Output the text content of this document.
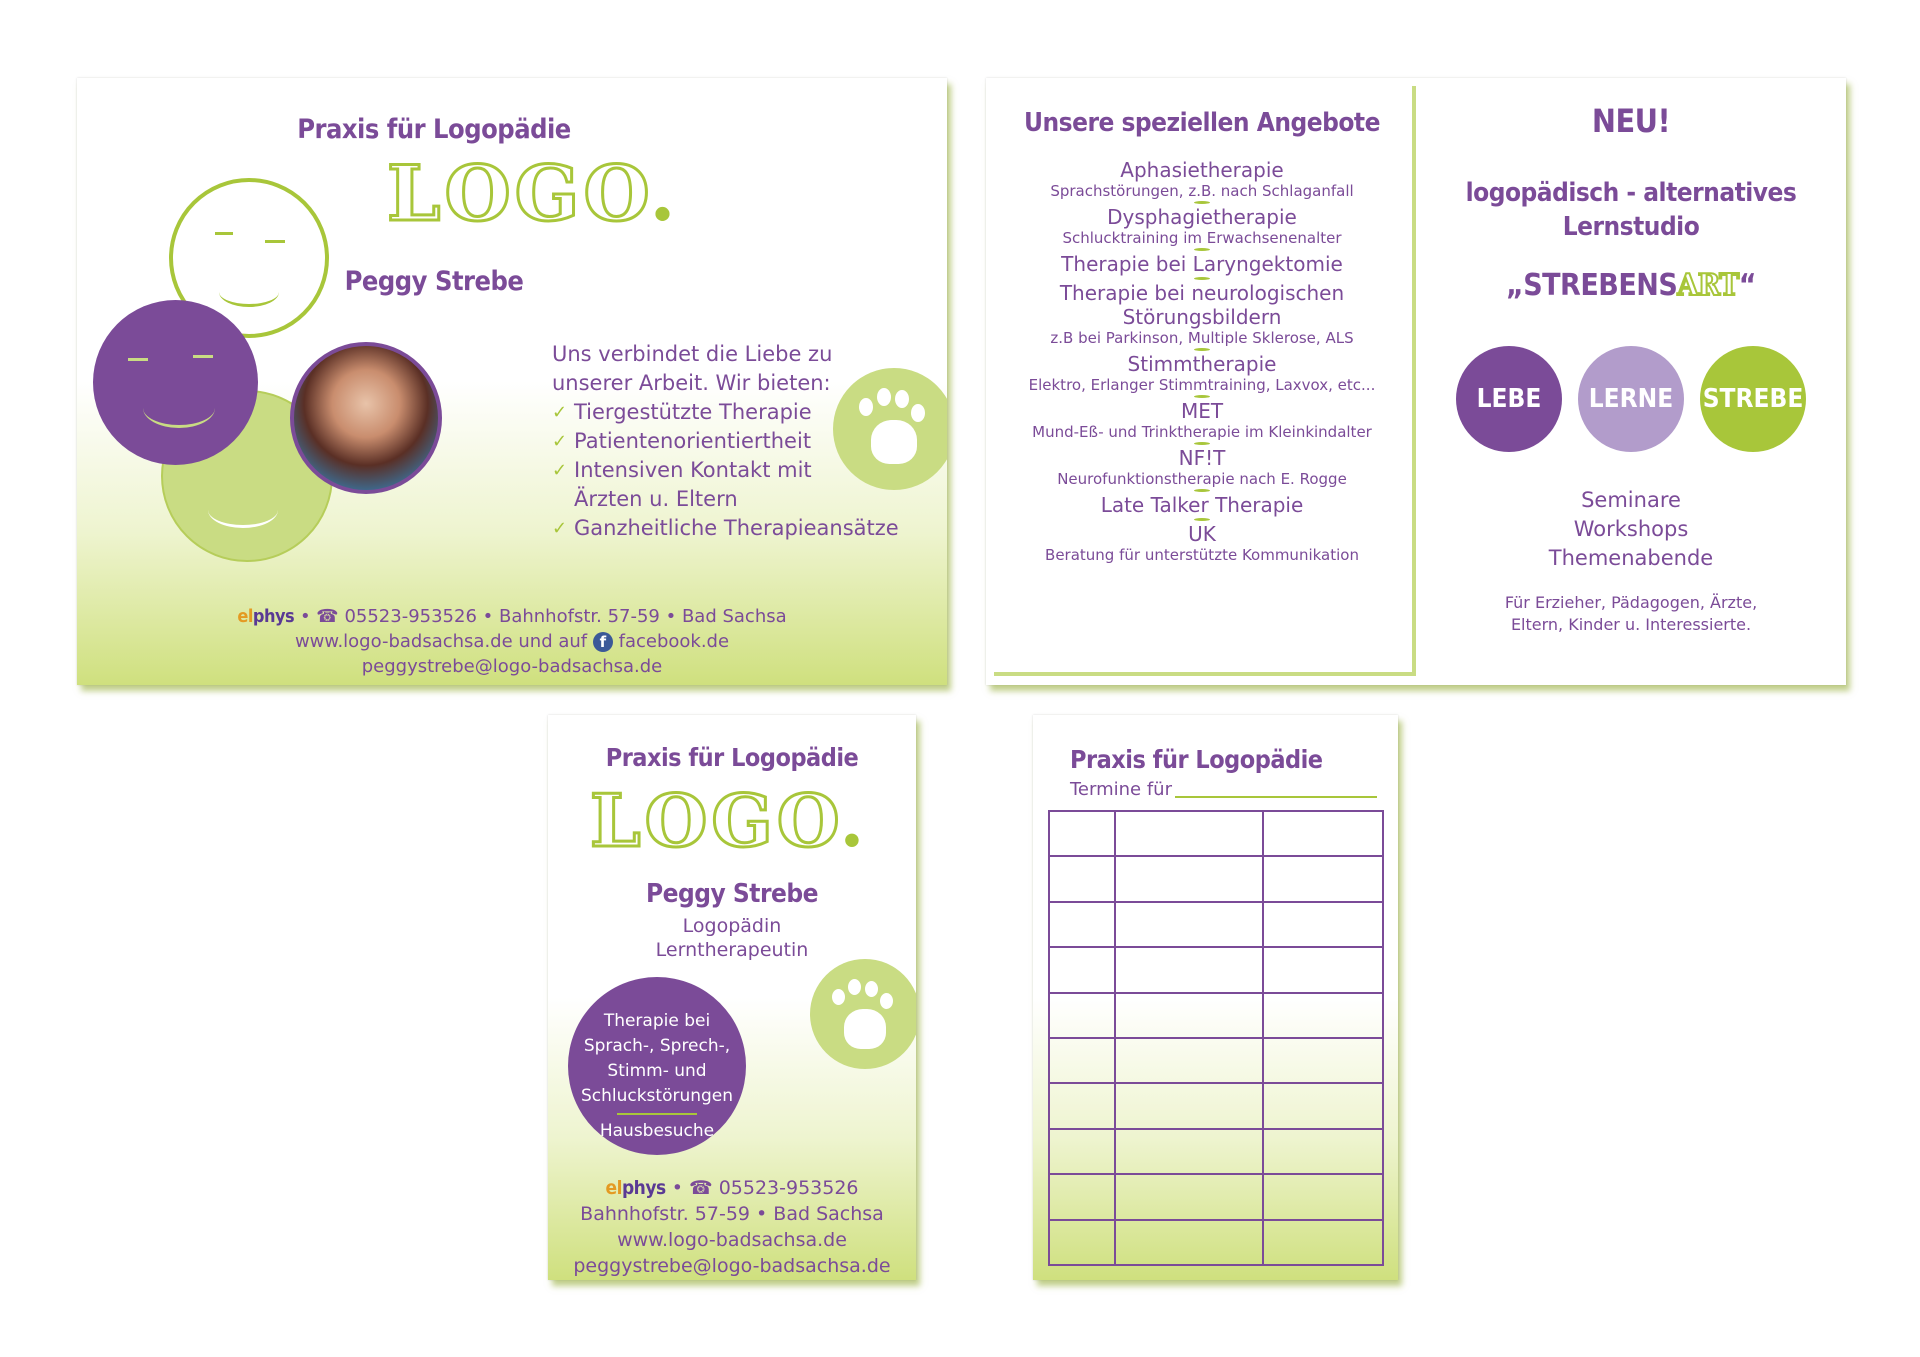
Praxis für Logopädie
LOGO.
Peggy Strebe
Uns verbindet die Liebe zu
unserer Arbeit. Wir bieten:
✓ Tiergestützte Therapie
✓ Patientenorientiertheit
✓ Intensiven Kontakt mit
Ärzten u. Eltern
✓ Ganzheitliche Therapieansätze
elphys • ☎ 05523-953526 • Bahnhofstr. 57-59 • Bad Sachsa
www.logo-badsachsa.de und auf f facebook.de
peggystrebe@logo-badsachsa.de
Unsere speziellen Angebote
Aphasietherapie
Sprachstörungen, z.B. nach Schlaganfall
Dysphagietherapie
Schlucktraining im Erwachsenenalter
Therapie bei Laryngektomie
Therapie bei neurologischen Störungsbildern
z.B bei Parkinson, Multiple Sklerose, ALS
Stimmtherapie
Elektro, Erlanger Stimmtraining, Laxvox, etc...
MET
Mund-Eß- und Trinktherapie im Kleinkindalter
NF!T
Neurofunktionstherapie nach E. Rogge
Late Talker Therapie
UK
Beratung für unterstützte Kommunikation
NEU!
logopädisch - alternatives
Lernstudio
„STREBENSART“
LEBE	LERNE	STREBE
Seminare
Workshops
Themenabende
Für Erzieher, Pädagogen, Ärzte,
Eltern, Kinder u. Interessierte.
Praxis für Logopädie
LOGO.
Peggy Strebe
Logopädin
Lerntherapeutin
Therapie bei
Sprach-, Sprech-,
Stimm- und
Schluckstörungen
Hausbesuche
elphys • ☎ 05523-953526
Bahnhofstr. 57-59 • Bad Sachsa
www.logo-badsachsa.de
peggystrebe@logo-badsachsa.de
Praxis für Logopädie
Termine für
